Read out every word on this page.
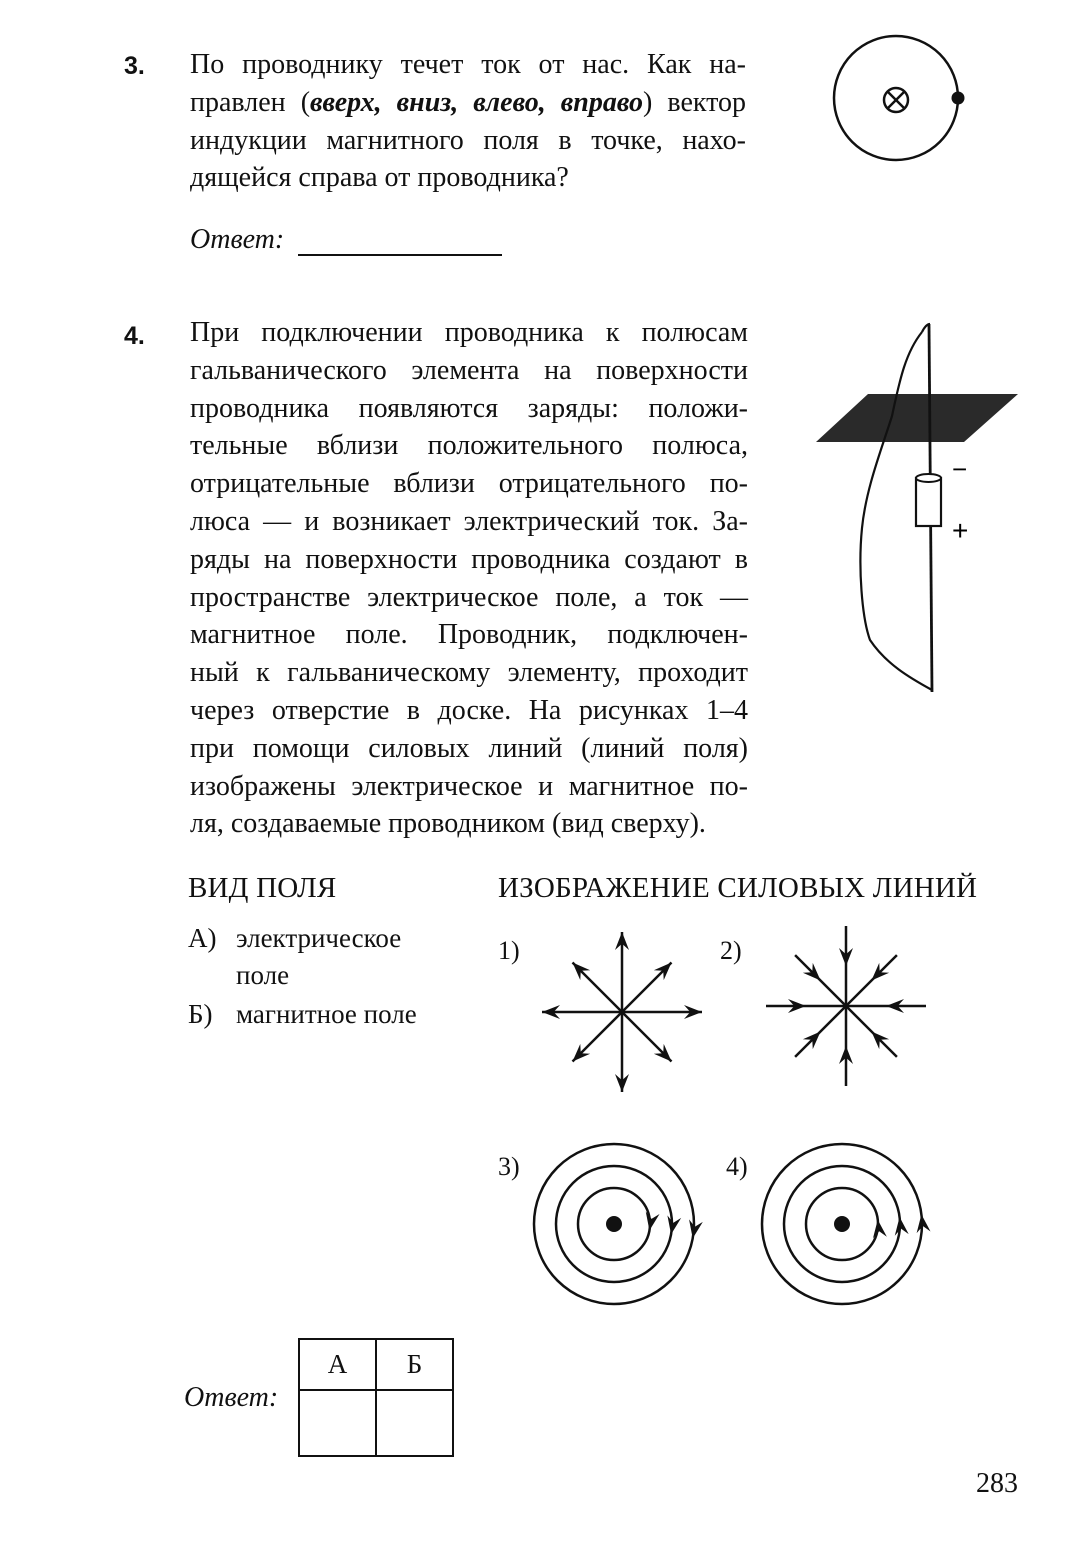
3. По проводнику течет ток от нас. Как на-
правлен (вверх, вниз, влево, вправо) вектор
индукции магнитного поля в точке, нахо-
дящейся справа от проводника?
Ответ:
4. При подключении проводника к полюсам
гальванического элемента на поверхности
проводника появляются заряды: положи-
тельные вблизи положительного полюса,
отрицательные вблизи отрицательного по-
люса — и возникает электрический ток. За-
ряды на поверхности проводника создают в
пространстве электрическое поле, а ток —
магнитное поле. Проводник, подключен-
ный к гальваническому элементу, проходит
через отверстие в доске. На рисунках 1–4
при помощи силовых линий (линий поля)
изображены электрическое и магнитное по-
ля, создаваемые проводником (вид сверху).
−
+
ВИД ПОЛЯ	ИЗОБРАЖЕНИЕ СИЛОВЫХ ЛИНИЙ
А) электрическое
поле
Б) магнитное поле
1)	2)
3)	4)
Ответ:
А	Б

283
